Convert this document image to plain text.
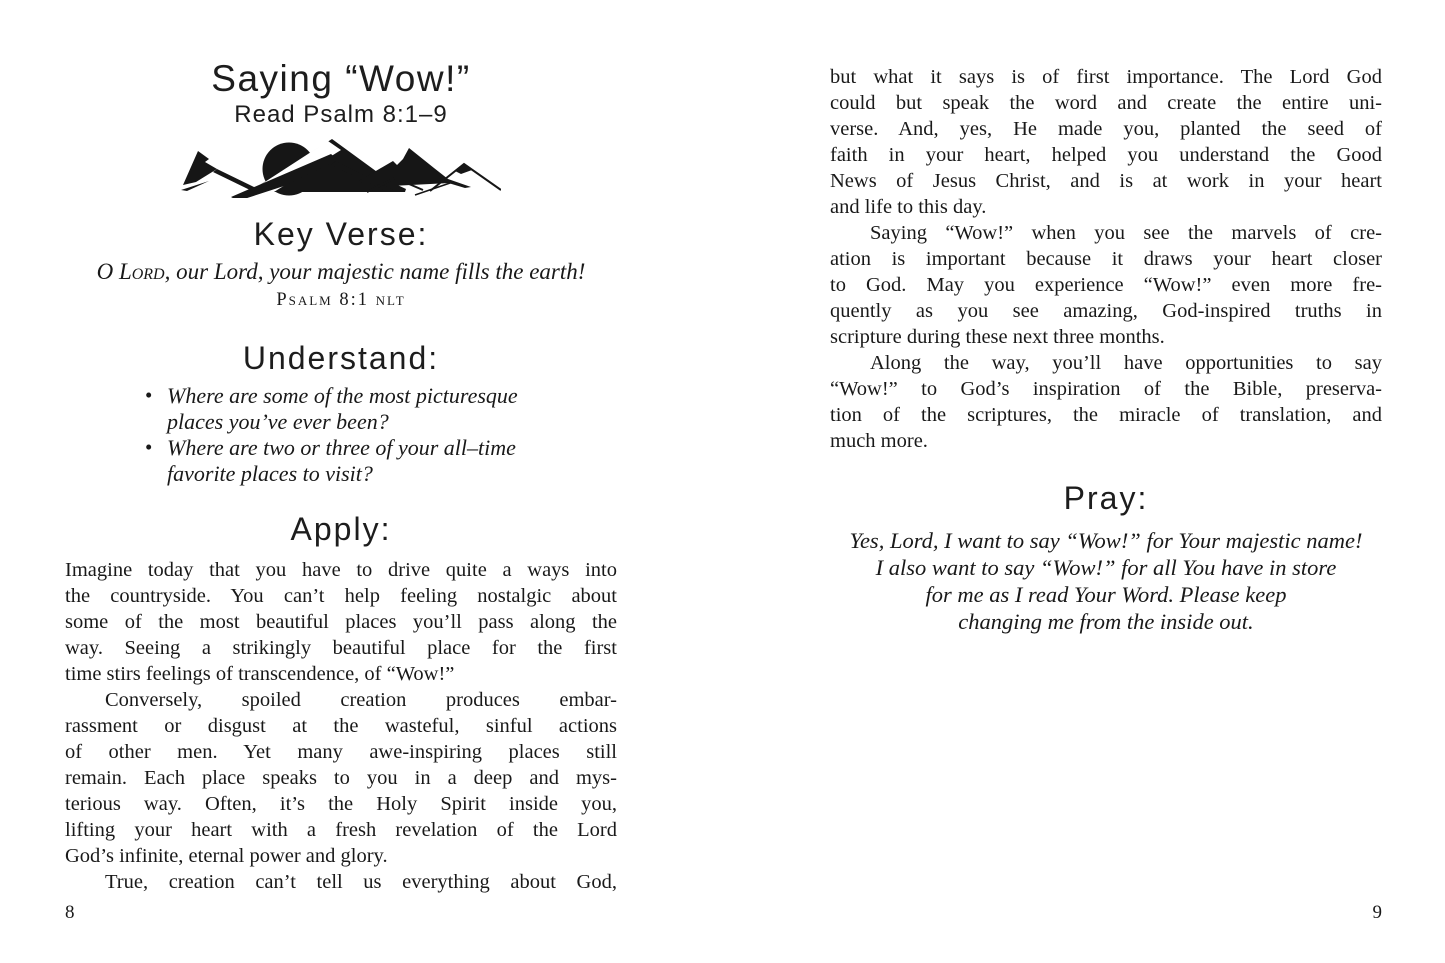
Saying “Wow!”
Read Psalm 8:1–9
Key Verse:
O Lord, our Lord, your majestic name fills the earth!
Psalm 8:1 nlt
Understand:
• Where are some of the most picturesque
places you’ve ever been?
• Where are two or three of your all–time
favorite places to visit?
Apply:
Imagine today that you have to drive quite a ways into
the countryside. You can’t help feeling nostalgic about
some of the most beautiful places you’ll pass along the
way. Seeing a strikingly beautiful place for the first
time stirs feelings of transcendence, of “Wow!”
Conversely, spoiled creation produces embar-
rassment or disgust at the wasteful, sinful actions
of other men. Yet many awe-inspiring places still
remain. Each place speaks to you in a deep and mys-
terious way. Often, it’s the Holy Spirit inside you,
lifting your heart with a fresh revelation of the Lord
God’s infinite, eternal power and glory.
True, creation can’t tell us everything about God,
8
but what it says is of first importance. The Lord God
could but speak the word and create the entire uni-
verse. And, yes, He made you, planted the seed of
faith in your heart, helped you understand the Good
News of Jesus Christ, and is at work in your heart
and life to this day.
Saying “Wow!” when you see the marvels of cre-
ation is important because it draws your heart closer
to God. May you experience “Wow!” even more fre-
quently as you see amazing, God-inspired truths in
scripture during these next three months.
Along the way, you’ll have opportunities to say
“Wow!” to God’s inspiration of the Bible, preserva-
tion of the scriptures, the miracle of translation, and
much more.
Pray:
Yes, Lord, I want to say “Wow!” for Your majestic name!
I also want to say “Wow!” for all You have in store
for me as I read Your Word. Please keep
changing me from the inside out.
9
